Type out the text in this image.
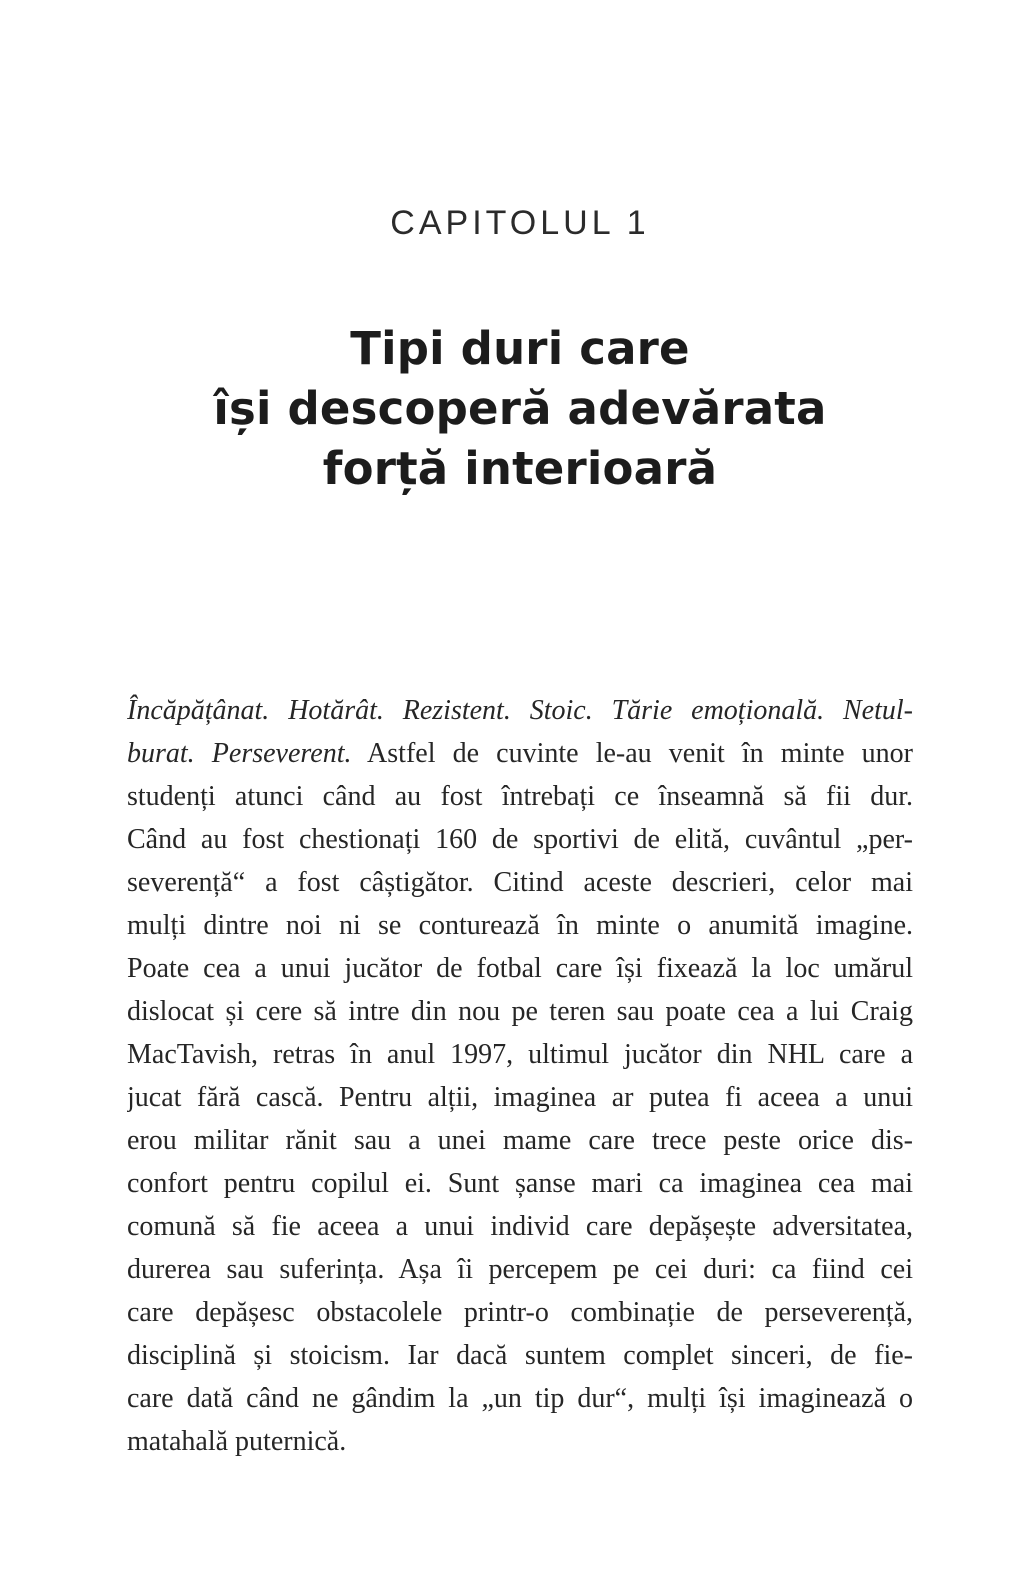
CAPITOLUL 1
Tipi duri care
își descoperă adevărata
forță interioară
Încăpățânat. Hotărât. Rezistent. Stoic. Tărie emoțională. Netul-
burat. Perseverent. Astfel de cuvinte le-au venit în minte unor
studenți atunci când au fost întrebați ce înseamnă să fii dur.
Când au fost chestionați 160 de sportivi de elită, cuvântul „per-
severență“ a fost câștigător. Citind aceste descrieri, celor mai
mulți dintre noi ni se conturează în minte o anumită imagine.
Poate cea a unui jucător de fotbal care își fixează la loc umărul
dislocat și cere să intre din nou pe teren sau poate cea a lui Craig
MacTavish, retras în anul 1997, ultimul jucător din NHL care a
jucat fără cască. Pentru alții, imaginea ar putea fi aceea a unui
erou militar rănit sau a unei mame care trece peste orice dis-
confort pentru copilul ei. Sunt șanse mari ca imaginea cea mai
comună să fie aceea a unui individ care depășește adversitatea,
durerea sau suferința. Așa îi percepem pe cei duri: ca fiind cei
care depășesc obstacolele printr-o combinație de perseverență,
disciplină și stoicism. Iar dacă suntem complet sinceri, de fie-
care dată când ne gândim la „un tip dur“, mulți își imaginează o
matahală puternică.
